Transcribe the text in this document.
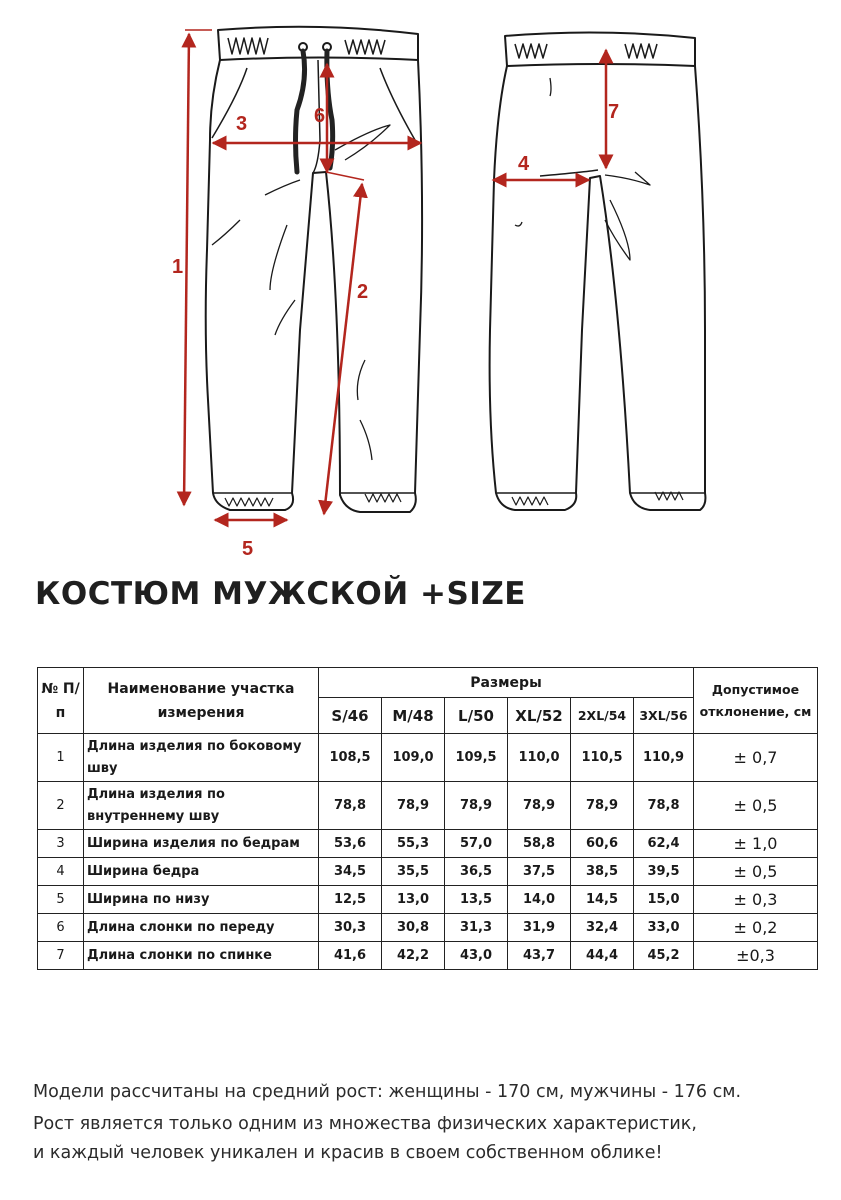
1
2
3
4
5
6	7
КОСТЮМ МУЖСКОЙ +SIZE
№ П/п	Наименование участка измерения	Размеры						Допустимое отклонение, см
		S/46	M/48	L/50	XL/52	2XL/54	3XL/56	
1	Длина изделия по боковому шву	108,5	109,0	109,5	110,0	110,5	110,9	± 0,7
2	Длина изделия по внутреннему шву	78,8	78,9	78,9	78,9	78,9	78,8	± 0,5
3	Ширина изделия по бедрам	53,6	55,3	57,0	58,8	60,6	62,4	± 1,0
4	Ширина бедра	34,5	35,5	36,5	37,5	38,5	39,5	± 0,5
5	Ширина по низу	12,5	13,0	13,5	14,0	14,5	15,0	± 0,3
6	Длина слонки по переду	30,3	30,8	31,3	31,9	32,4	33,0	± 0,2
7	Длина слонки по спинке	41,6	42,2	43,0	43,7	44,4	45,2	±0,3

Модели рассчитаны на средний рост: женщины - 170 см, мужчины - 176 см.

Рост является только одним из множества физических характеристик,

и каждый человек уникален и красив в своем собственном облике!
